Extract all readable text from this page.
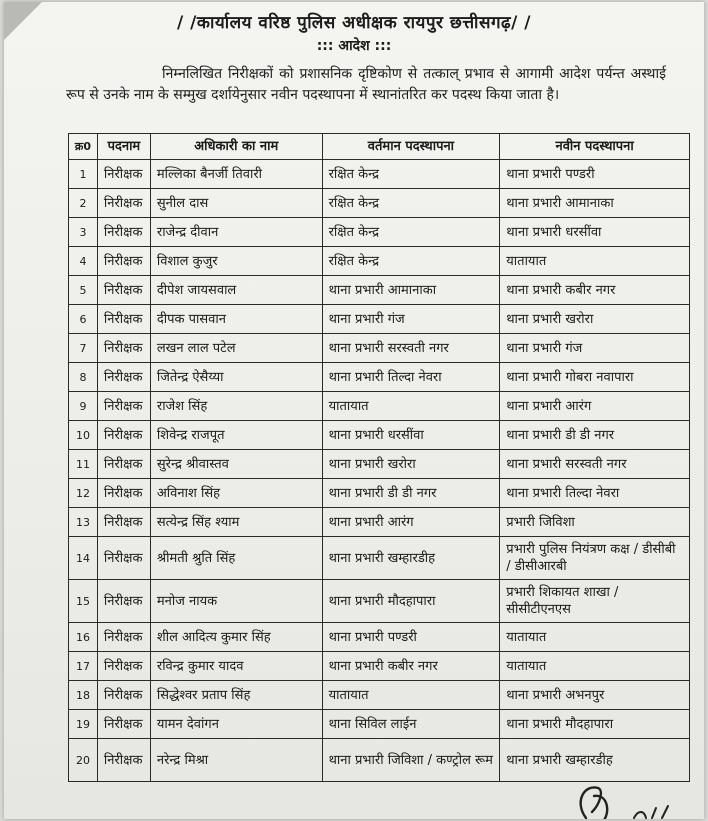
/ /कार्यालय वरिष्ठ पुलिस अधीक्षक रायपुर छत्तीसगढ़/ /
::: आदेश :::
निम्नलिखित निरीक्षकों को प्रशासनिक दृष्टिकोण से तत्काल् प्रभाव से आगामी आदेश पर्यन्त अस्थाई रूप से उनके नाम के सम्मुख दर्शायेनुसार नवीन पदस्थापना में स्थानांतरित कर पदस्थ किया जाता है।
क्र0	पदनाम	अधिकारी का नाम	वर्तमान पदस्थापना	नवीन पदस्थापना
1	निरीक्षक	मल्लिका बैनर्जी तिवारी	रक्षित केन्द्र	थाना प्रभारी पण्डरी
2	निरीक्षक	सुनील दास	रक्षित केन्द्र	थाना प्रभारी आमानाका
3	निरीक्षक	राजेन्द्र दीवान	रक्षित केन्द्र	थाना प्रभारी धरसींवा
4	निरीक्षक	विशाल कुजुर	रक्षित केन्द्र	यातायात
5	निरीक्षक	दीपेश जायसवाल	थाना प्रभारी आमानाका	थाना प्रभारी कबीर नगर
6	निरीक्षक	दीपक पासवान	थाना प्रभारी गंज	थाना प्रभारी खरोरा
7	निरीक्षक	लखन लाल पटेल	थाना प्रभारी सरस्वती नगर	थाना प्रभारी गंज
8	निरीक्षक	जितेन्द्र ऐसैय्या	थाना प्रभारी तिल्दा नेवरा	थाना प्रभारी गोबरा नवापारा
9	निरीक्षक	राजेश सिंह	यातायात	थाना प्रभारी आरंग
10	निरीक्षक	शिवेन्द्र राजपूत	थाना प्रभारी धरसींवा	थाना प्रभारी डी डी नगर
11	निरीक्षक	सुरेन्द्र श्रीवास्तव	थाना प्रभारी खरोरा	थाना प्रभारी सरस्वती नगर
12	निरीक्षक	अविनाश सिंह	थाना प्रभारी डी डी नगर	थाना प्रभारी तिल्दा नेवरा
13	निरीक्षक	सत्येन्द्र सिंह श्याम	थाना प्रभारी आरंग	प्रभारी जिविशा
14	निरीक्षक	श्रीमती श्रुति सिंह	थाना प्रभारी खम्हारडीह	प्रभारी पुलिस नियंत्रण कक्ष / डीसीबी / डीसीआरबी
15	निरीक्षक	मनोज नायक	थाना प्रभारी मौदहापारा	प्रभारी शिकायत शाखा / सीसीटीएनएस
16	निरीक्षक	शील आदित्य कुमार सिंह	थाना प्रभारी पण्डरी	यातायात
17	निरीक्षक	रविन्द्र कुमार यादव	थाना प्रभारी कबीर नगर	यातायात
18	निरीक्षक	सिद्धेश्वर प्रताप सिंह	यातायात	थाना प्रभारी अभनपुर
19	निरीक्षक	यामन देवांगन	थाना सिविल लाईन	थाना प्रभारी मौदहापारा
20	निरीक्षक	नरेन्द्र मिश्रा	थाना प्रभारी जिविशा / कण्ट्रोल रूम	थाना प्रभारी खम्हारडीह
